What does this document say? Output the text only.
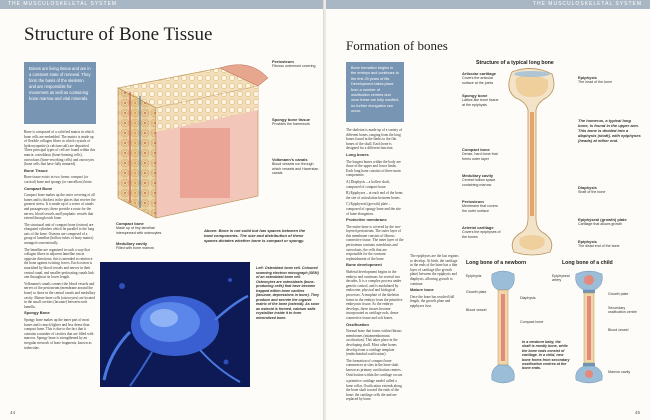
THE MUSCULOSKELETAL SYSTEM
Structure of Bone Tissue
Bones are living tissue and are in a constant state of renewal. They form the basis of the skeleton and are responsible for movement as well as containing bone marrow and vital minerals.

Bone is composed of a calcified matrix in which bone cells are embedded. The matrix is made up of flexible collagen fibres in which crystals of hydroxyapatite (a calcium salt) are deposited. Three principal types of cell are found within this matrix: osteoblasts (bone-forming cells), osteoclasts (bone-resorbing cells) and osteocytes (bone cells that have fully matured).

Bone Tissue

Bone tissue exists in two forms: compact (or cortical) bone and spongy (or cancellous) bone.

Compact Bone

Compact bone makes up the outer covering of all bones and is thickest in the places that receive the greatest stress. It is made up of a series of canals and passageways; these provide a route for the nerves, blood vessels and lymphatic vessels that extend through each bone.

The structural unit of compact bone (osteon) are elongated cylinders which lie parallel to the long axis of the bone. Osteons are composed of a group of lamellae (hollow tubes of bony matrix) arranged concentrically.

The lamellae are organized in such a way that collagen fibres in adjacent lamellae run in opposite directions; this is intended to reinforce the bone against twisting forces. Each osteon is nourished by blood vessels and nerves in their central canal, and smaller perforating canals link one throughout its lower length.

Volkmann's canals connect the blood vessels and nerves of the periosteum (membrane around the bone) to those in the central canals and medullary cavity. Mature bone cells (osteocytes) are located in the small cavities (lacunae) between each lamella.

Spongy Bone

Spongy bone makes up the inner part of most bones and is much lighter and less dense than compact bone. This is due to the fact that it contains a number of cavities that are filled with marrow. Spongy bone is strengthened by an irregular network of bone fragments, known as trabeculae.

Periosteum
Fibrous outermost covering
Spongy bone tissue
Provides the framework
Volkmann's canals
Blood vessels run through which vessels and Haversian canals
Compact bone
Made up of tiny lamellae interspersed with osteocytes
Medullary cavity
Filled with bone marrow
Above: Bone is not solid but has spaces between the hard components. The size and distribution of these spaces dictates whether bone is compact or spongy.
Left: Osteoblast bone cell. Coloured scanning electron micrograph (SEM) of an osteoblast bone cell. Osteocytes are osteoblasts (bone-producing cells) that have become trapped within bone cavities (lacunae, depressions in bone). They produce and secrete the organic matrix of the bone (osteoid). As soon as osteoid is formed, calcium salts crystallize inside it to form mineralized bone.
44
THE MUSCULOSKELETAL SYSTEM
Formation of bones
Bone formation begins in the embryo and continues to the first 25 years of life. Development takes place from a number of ossification centres and once these are fully ossified, no further elongation can occur.

The skeleton is made up of a variety of different bones, ranging from the long bones found in the limbs to the flat bones of the skull. Each bone is designed for a different function.

Long bones

The longest bones within the body are those of the upper and lower limbs. Each long bone consists of three main components:

A) Diaphysis – a hollow shaft, composed of compact bone.

B) Epiphyses – at each end of the bone; the site of articulation between bones.

C) Epiphyseal (growth) plate – composed of spongy bone and the site of bone elongation.

Protective membrane

The entire bone is covered by the two-layered periosteum. The outer layer of this membrane consists of fibrous connective tissue. The inner layer of the periosteum contains osteoblasts and osteoclasts, the cells that are responsible for the constant replenishment of the bone.

Bone development

Skeletal development begins in the embryo and continues for several two decades. It is a complex process under genetic control, and is modulated by endocrine, physical and biological processes. A template of the skeleton forms in the embryo from the primitive embryonic tissue. As the embryo develops, these tissues become incorporated as cartilage rods, dense connective tissue and soft bones.

Ossification

Normal bone that forms within fibrous membranes (intramembranous ossification). This takes place in the developing skull. Most other bones develop from a cartilage template (endochondral ossification).

The formation of compact bone commences at sites in the bone shaft known as primary ossification centres. Ossification within the cartilage occurs

a primitive cartilage model called a bone collar. Ossification extends along the bone shaft toward the ends of the bone; the cartilage cells die and are replaced by bone.

The epiphyses are the last regions to develop. At birth, the cartilage in the ends of the bone has a thin layer of cartilage (the growth plate) between the epiphysis and diaphysis, allowing growth to continue.

Mature bone

Once the bone has reached full length, the growth plate and epiphyses fuse.

Structure of a typical long bone
Articular cartilage
Covers the articular surface at the joints
Spongy bone
Lattice-like bone tissue at the epiphysis
Compact bone
Dense, hard bone that forms outer layer
Medullary cavity
Central hollow space containing marrow
Periosteum
Membrane that covers the outer surface
Arterial cartilage
Covers the epiphyses of the bones
Epiphysis
The head of the bone
The humerus, a typical long bone, is found in the upper arm. This bone is divided into a diaphysis (shaft), with epiphyses (heads) at either end.
Diaphysis
Shaft of the bone
Epiphyseal (growth) plate
Cartilage that allows growth
Epiphysis
The distal end of the bone
Long bone of a newborn	Long bone of a child
Epiphysis
Growth plate
Blood vessel
Diaphysis
Compact bone
Epiphyseal artery
Growth plate
Secondary ossification centre
Blood vessel
Marrow cavity
In a newborn baby, the shaft is mostly bone, while the bone ends consist of cartilage. In a child, new bone forms from secondary ossification centres at the bone ends.
45
